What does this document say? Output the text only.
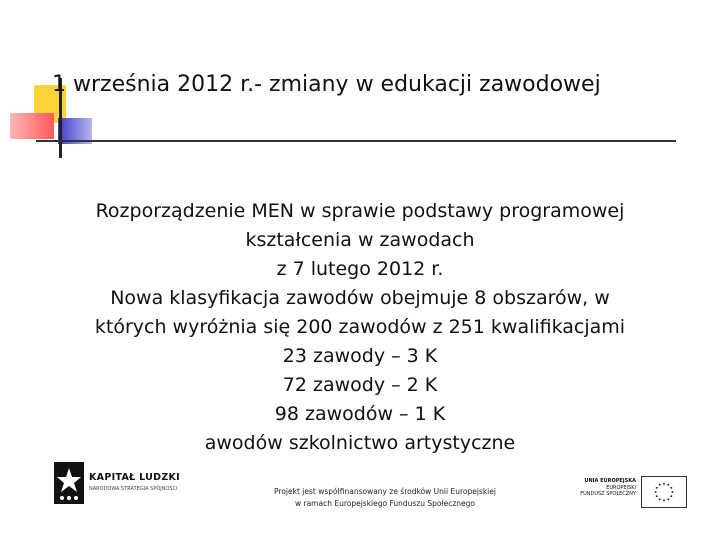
1 września 2012 r.- zmiany w edukacji zawodowej
Rozporządzenie MEN w sprawie podstawy programowej
kształcenia w zawodach
z 7 lutego 2012 r.
Nowa klasyfikacja zawodów obejmuje 8 obszarów, w
których wyróżnia się 200 zawodów z 251 kwalifikacjami
23 zawody – 3 K
72 zawody – 2 K
98 zawodów – 1 K
awodów szkolnictwo artystyczne
KAPITAŁ LUDZKI
NARODOWA STRATEGIA SPÓJNOŚCI	Projekt jest współfinansowany ze środków Unii Europejskiej
w ramach Europejskiego Funduszu Społecznego
UNIA EUROPEJSKA
EUROPEJSKI
FUNDUSZ SPOŁECZNY
